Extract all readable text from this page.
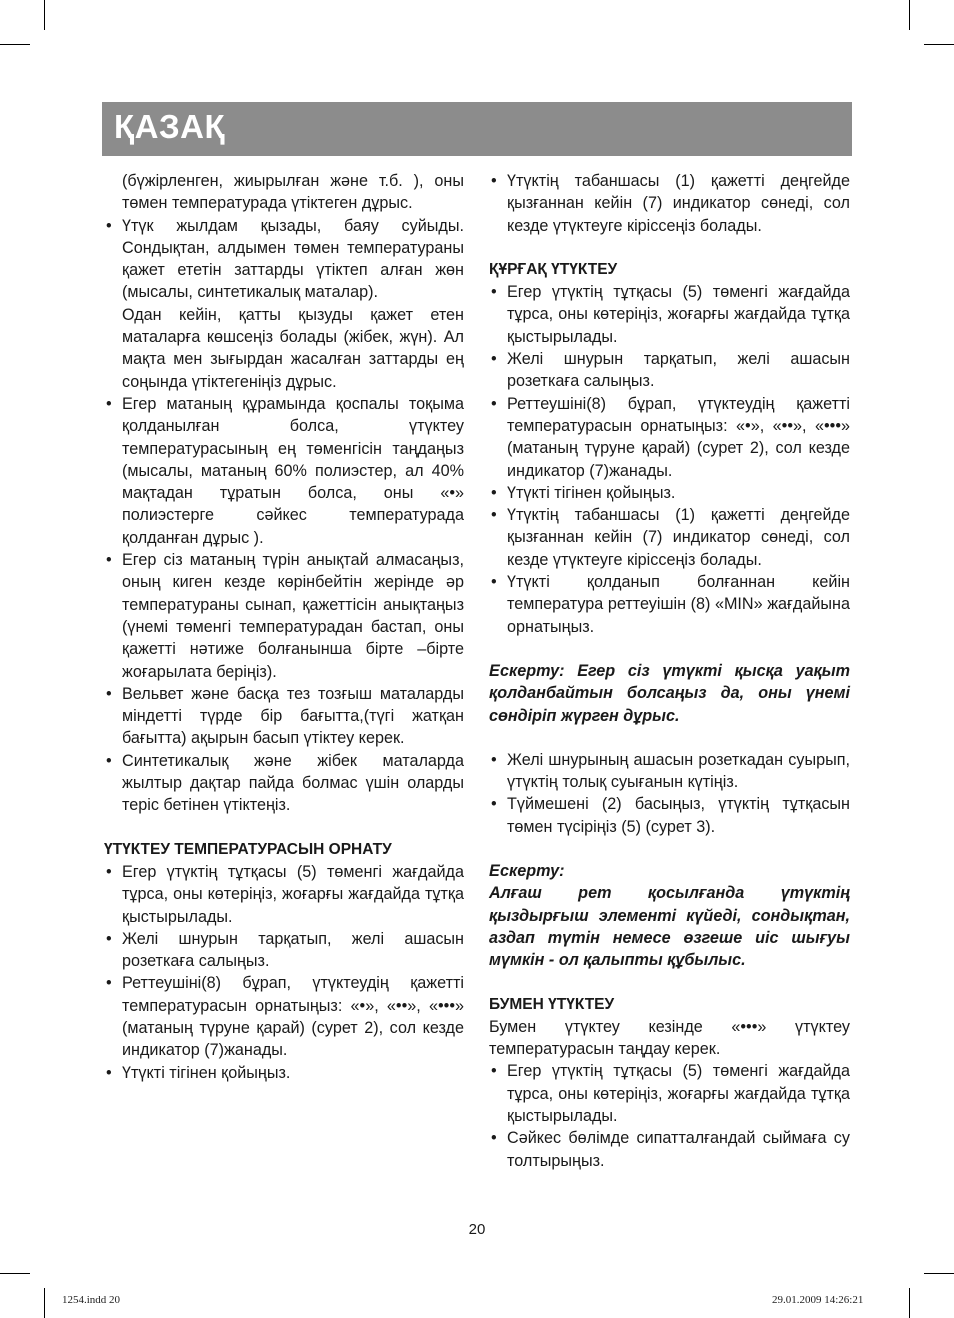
ҚАЗАҚ

(бүжірленген, жиырылған және т.б. ), оны төмен температурада үтіктеген дұрыс.

• Үтүк жылдам қызады, баяу суйыды. Сондықтан, алдымен төмен температураны қажет ететін заттарды үтіктеп алған жөн (мысалы, синтетикалық маталар).
Одан кейін, қатты қызуды қажет етен маталарға көшсеңіз болады (жібек, жүн). Ал мақта мен зығырдан жасалған заттарды ең соңында үтіктегеніңіз дұрыс.
• Егер матаның құрамында қоспалы тоқыма қолданылған болса, үтүктеу температурасының ең төменгісін таңдаңыз (мысалы, матаның 60% полиэстер, ал 40% мақтадан тұратын болса, оны «•» полиэстерге сәйкес температурада қолданған дұрыс ).
• Егер сіз матаның түрін анықтай алмасаңыз, оның киген кезде көрінбейтін жерінде әр температураны сынап, қажеттісін анықтаңыз (үнемі төменгі температурадан бастап, оны қажетті нәтиже болғанынша бірте –бірте жоғарылата беріңіз).
• Вельвет және басқа тез тозғыш маталарды міндетті түрде бір бағытта,(түгі жатқан бағытта) ақырын басып үтіктеу керек.
• Синтетикалық және жібек маталарда жылтыр дақтар пайда болмас үшін оларды теріс бетінен үтіктеңіз.

ҮТҮКТЕУ ТЕМПЕРАТУРАСЫН ОРНАТУ

• Егер үтүктің тұтқасы (5) төменгі жағдайда тұрса, оны көтеріңіз, жоғарғы жағдайда тұтқа қыстырылады.
• Желі шнурын тарқатып, желі ашасын розеткаға салыңыз.
• Реттеушіні(8) бұрап, үтүктеудің қажетті температурасын орнатыңыз: «•», «••», «•••» (матаның түруне қарай) (сурет 2), сол кезде индикатор (7)жанады.
• Үтүкті тігінен қойыңыз.
• Үтүктің табаншасы (1) қажетті деңгейде қызғаннан кейін (7) индикатор сөнеді, сол кезде үтүктеуге кіріссеңіз болады.

ҚҰРҒАҚ ҮТҮКТЕУ

• Егер үтүктің тұтқасы (5) төменгі жағдайда тұрса, оны көтеріңіз, жоғарғы жағдайда тұтқа қыстырылады.
• Желі шнурын тарқатып, желі ашасын розеткаға салыңыз.
• Реттеушіні(8) бұрап, үтүктеудің қажетті температурасын орнатыңыз: «•», «••», «•••» (матаның түруне қарай) (сурет 2), сол кезде индикатор (7)жанады.
• Үтүкті тігінен қойыңыз.
• Үтүктің табаншасы (1) қажетті деңгейде қызғаннан кейін (7) индикатор сөнеді, сол кезде үтүктеуге кіріссеңіз болады.
• Үтүкті қолданып болғаннан кейін температура реттеуішін (8) «MIN» жағдайына орнатыңыз.

Ескерту: Егер сіз үтүкті қысқа уақыт қолданбайтын болсаңыз да, оны үнемі сөндіріп жүрген дұрыс.

• Желі шнурының ашасын розеткадан суырып, үтүктің толық суығанын күтіңіз.
• Түймешені (2) басыңыз, үтүктің тұтқасын төмен түсіріңіз (5) (сурет 3).

Ескерту:

Алғаш рет қосылғанда үтүктің қыздырғыш элементі күйеді, сондықтан, аздап түтін немесе өзгеше иіс шығуы мүмкін - ол қалыпты құбылыс.

БУМЕН ҮТҮКТЕУ

Бумен үтүктеу кезінде «•••» үтүктеу температурасын таңдау керек.

• Егер үтүктің тұтқасы (5) төменгі жағдайда тұрса, оны көтеріңіз, жоғарғы жағдайда тұтқа қыстырылады.
• Сәйкес бөлімде сипатталғандай сыймаға су толтырыңыз.
20
1254.indd 20	29.01.2009 14:26:21
